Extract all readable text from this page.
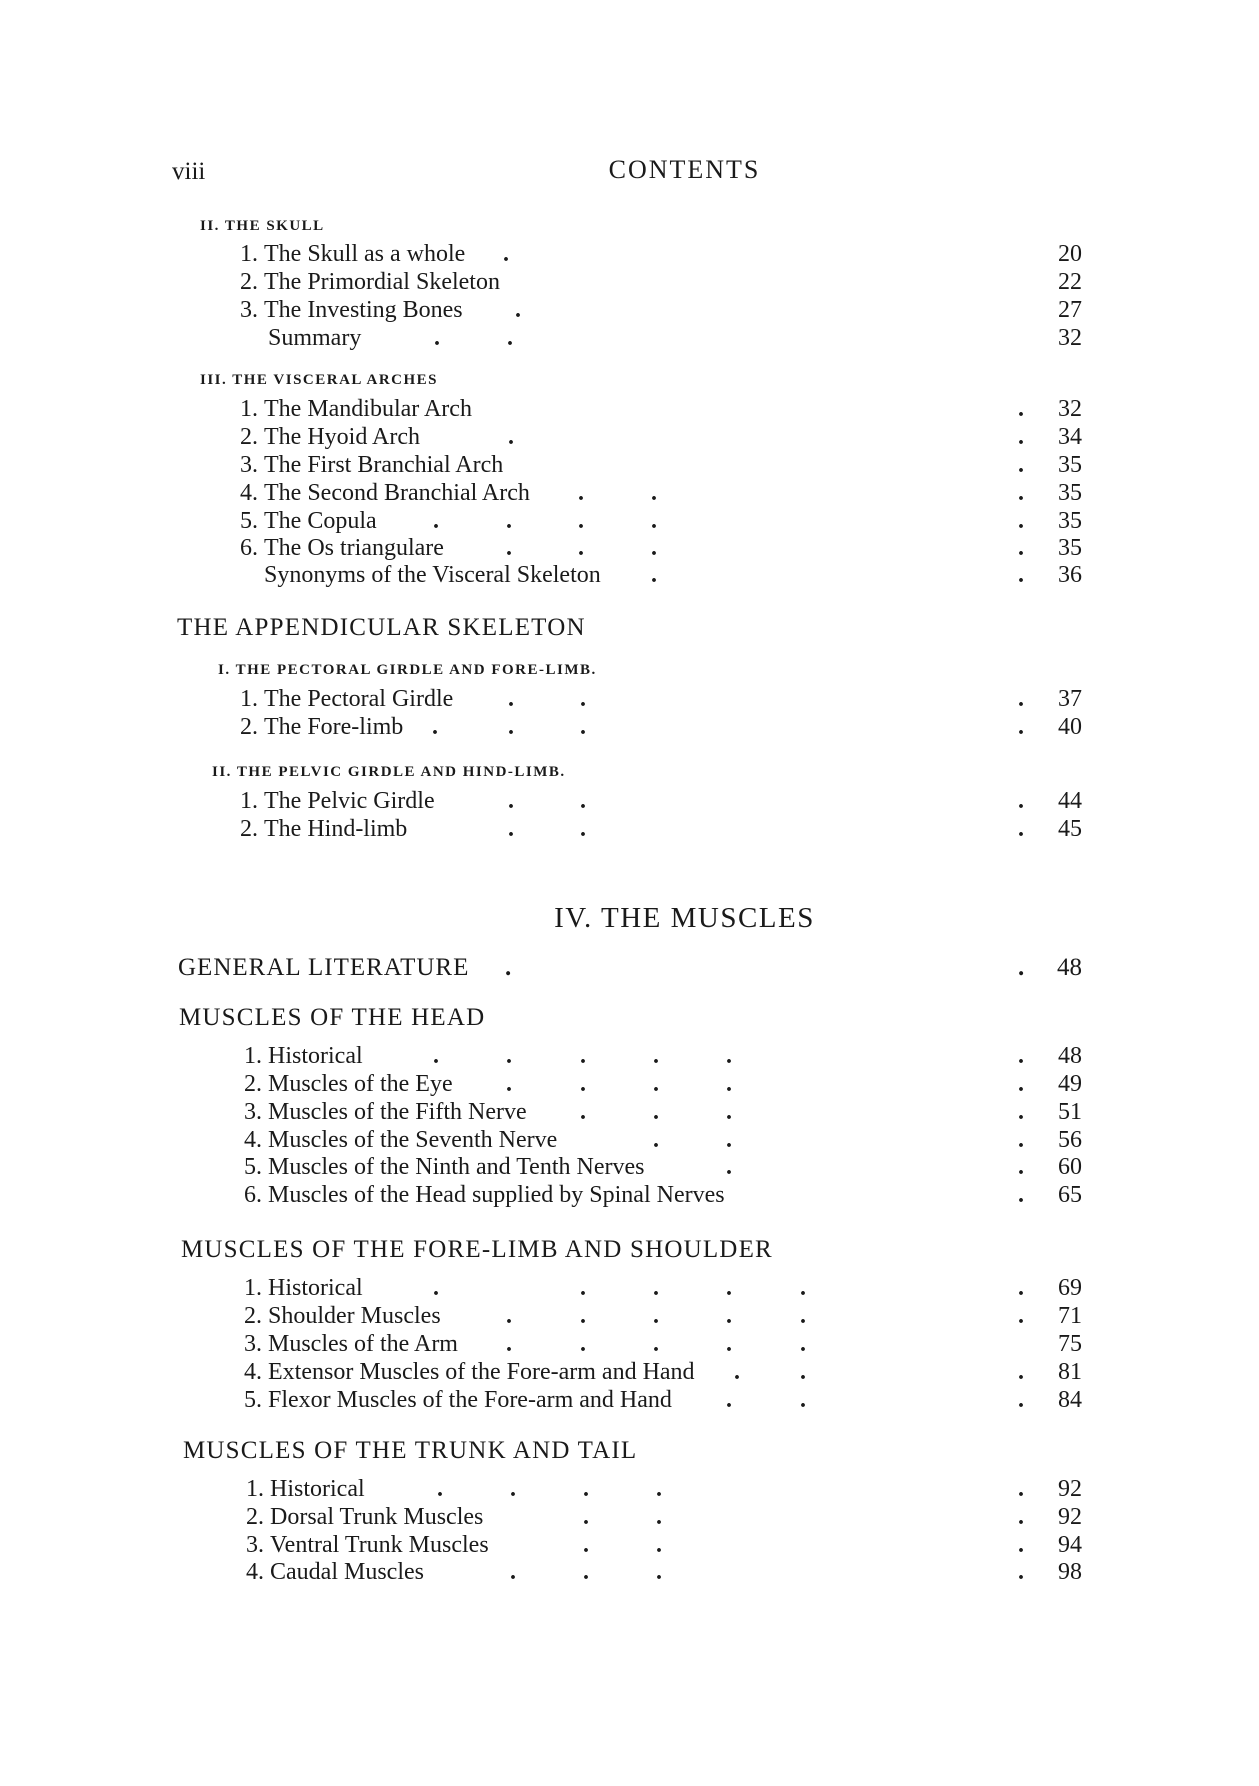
viii	CONTENTS
II. THE SKULL
1. The Skull as a whole .	20
2. The Primordial Skeleton	22
3. The Investing Bones .	27
Summary	.	.	32
III. THE VISCERAL ARCHES
1. The Mandibular Arch	.	32
2. The Hyoid Arch	.	.	34
3. The First Branchial Arch	.	35
4. The Second Branchial Arch .	.	.	35
5. The Copula .	.	.	.	.	35
6. The Os triangulare	.	.	.	.	35
Synonyms of the Visceral Skeleton .	.	36
THE APPENDICULAR SKELETON
I. THE PECTORAL GIRDLE AND FORE-LIMB.
1. The Pectoral Girdle .	.	.	37
2. The Fore-limb .	.	.	.	40
II. THE PELVIC GIRDLE AND HIND-LIMB.
1. The Pelvic Girdle	.	.	.	44
2. The Hind-limb	.	.	.	45
IV. THE MUSCLES
GENERAL LITERATURE .	.	48
MUSCLES OF THE HEAD
1. Historical	.	.	.	.	.	.	48
2. Muscles of the Eye .	.	.	.	.	49
3. Muscles of the Fifth Nerve .	.	.	.	51
4. Muscles of the Seventh Nerve	.	.	.	56
5. Muscles of the Ninth and Tenth Nerves	.	.	60
6. Muscles of the Head supplied by Spinal Nerves	.	65
MUSCLES OF THE FORE-LIMB AND SHOULDER
1. Historical	.	.	.	.	.	.	69
2. Shoulder Muscles	.	.	.	.	.	.	71
3. Muscles of the Arm .	.	.	.	.	75
4. Extensor Muscles of the Fore-arm and Hand .	.	.	81
5. Flexor Muscles of the Fore-arm and Hand .	.	.	84
MUSCLES OF THE TRUNK AND TAIL
1. Historical	.	.	.	.	.	92
2. Dorsal Trunk Muscles	.	.	.	92
3. Ventral Trunk Muscles	.	.	.	94
4. Caudal Muscles	.	.	.	.	98
